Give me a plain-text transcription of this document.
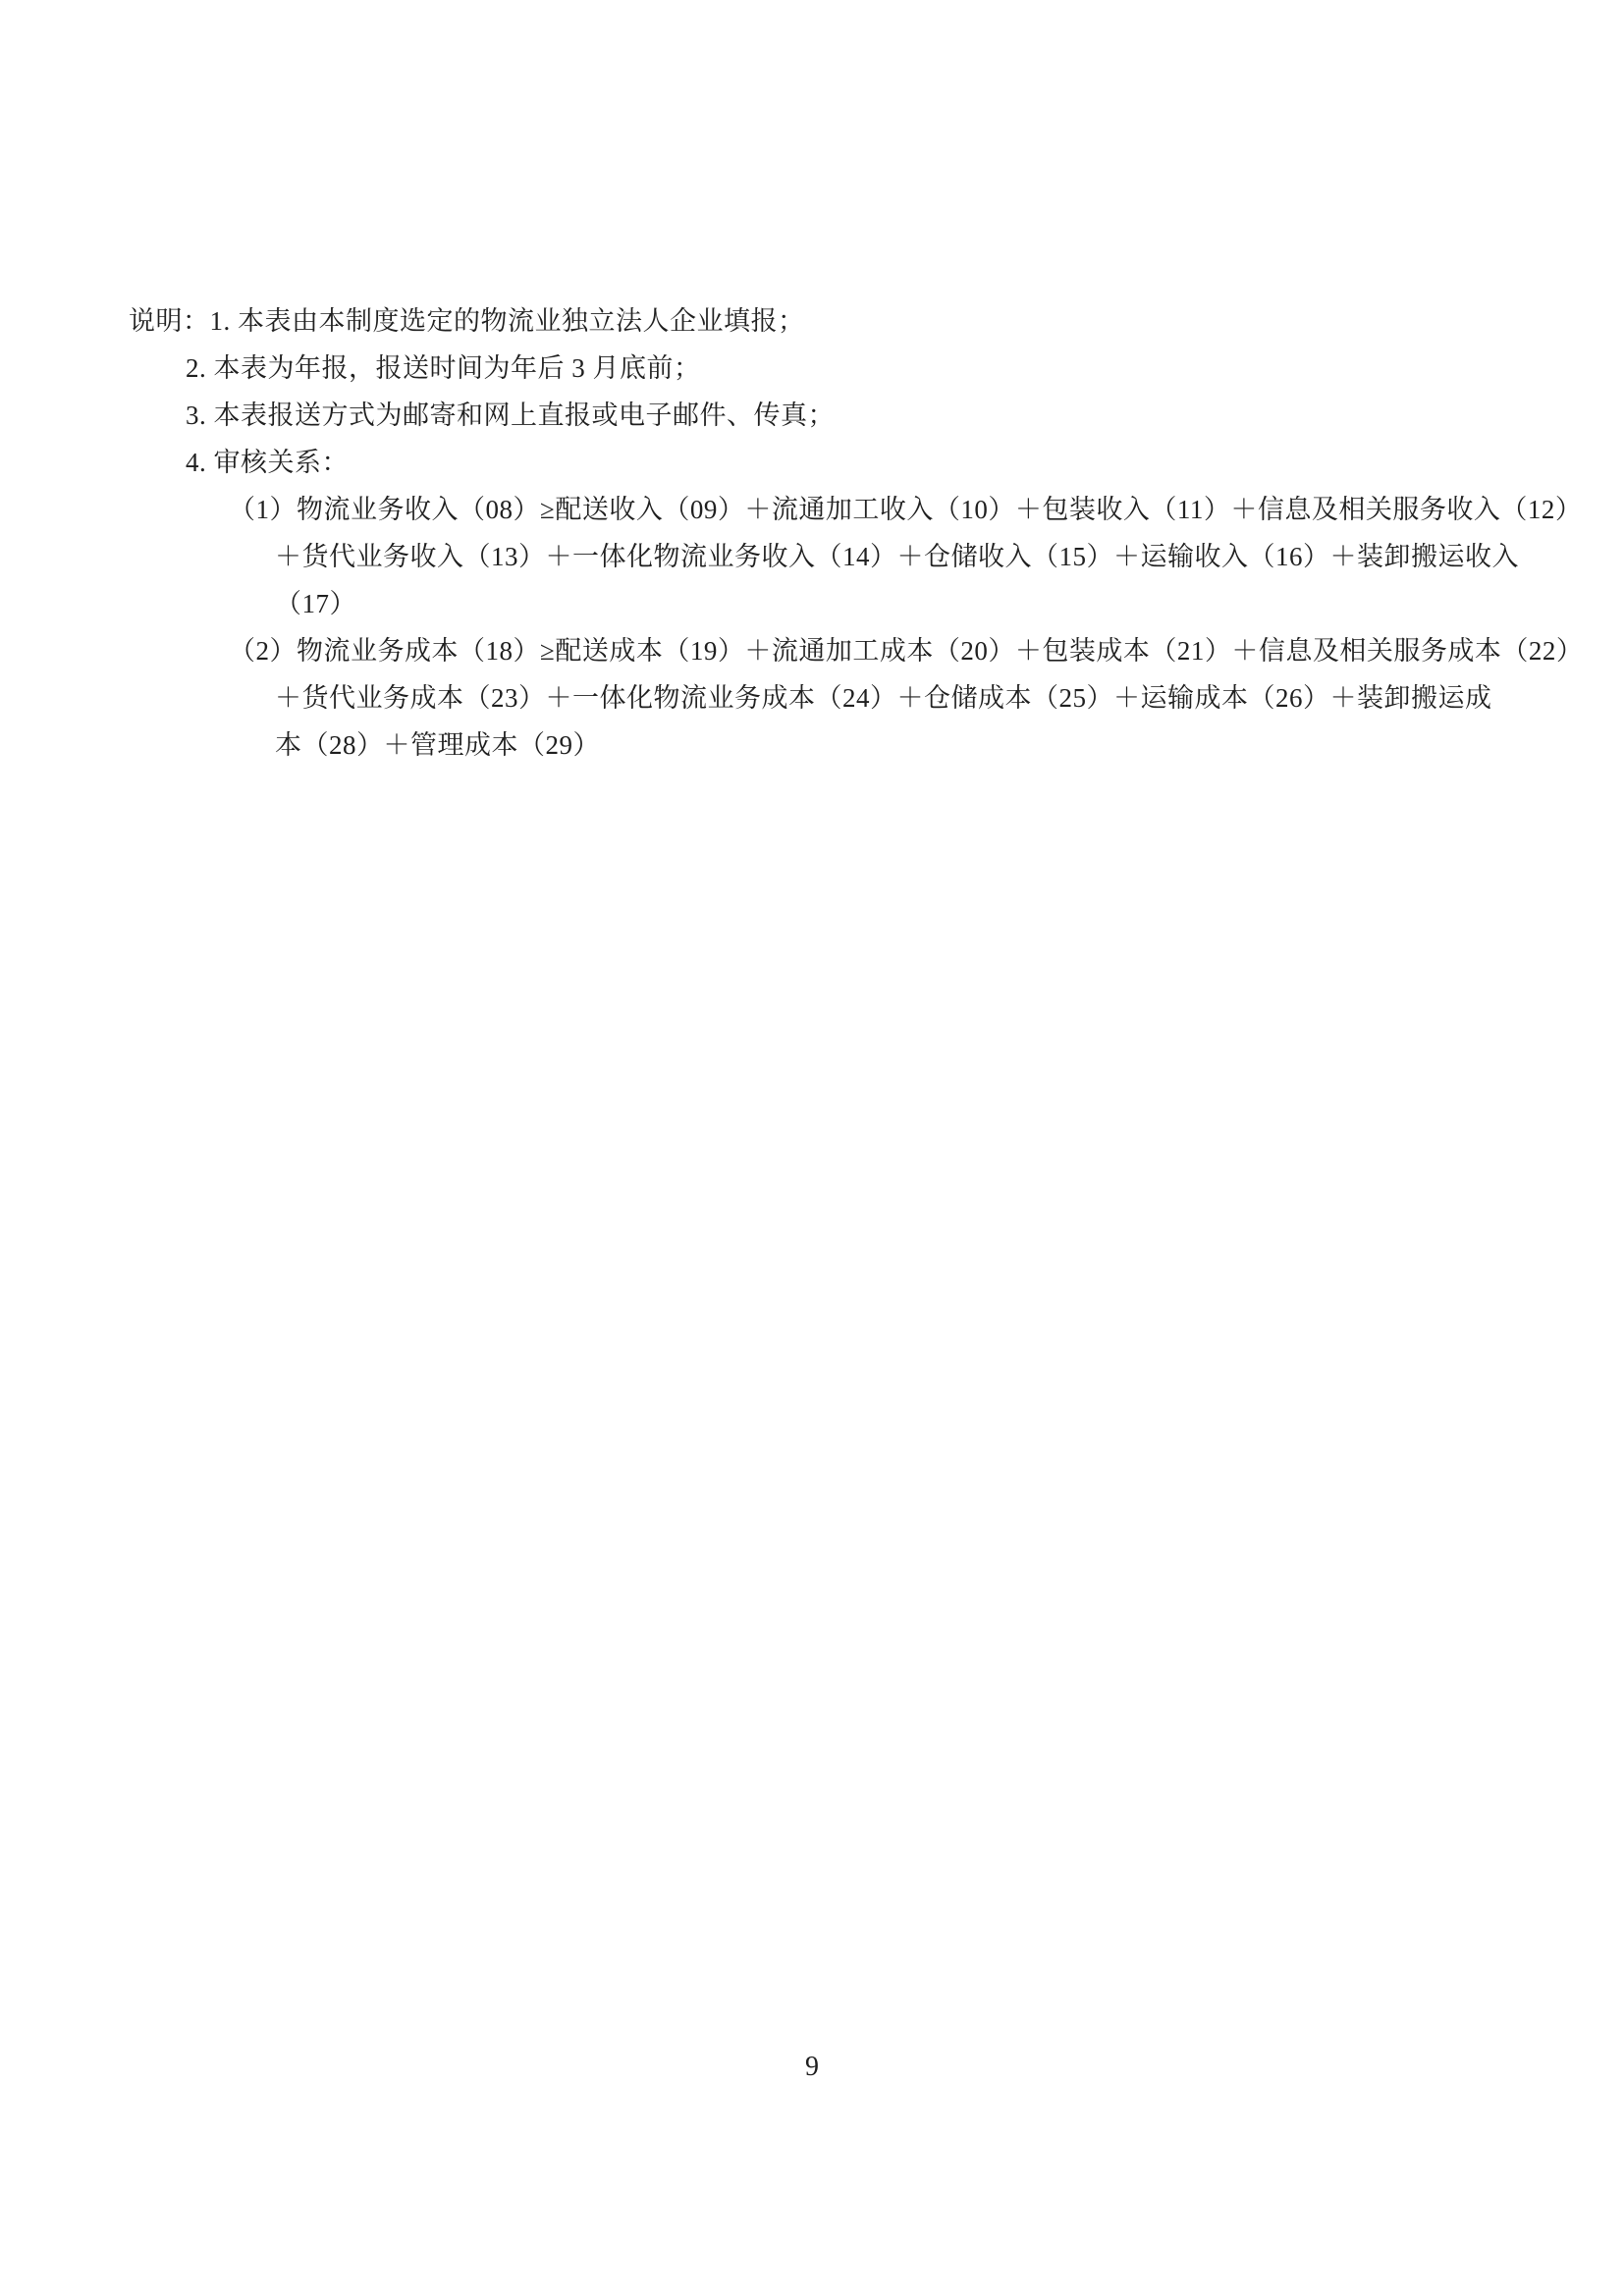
说明：1. 本表由本制度选定的物流业独立法人企业填报；
2. 本表为年报，报送时间为年后 3 月底前；
3. 本表报送方式为邮寄和网上直报或电子邮件、传真；
4. 审核关系：
（1）物流业务收入（08）≥配送收入（09）＋流通加工收入（10）＋包装收入（11）＋信息及相关服务收入（12）
＋货代业务收入（13）＋一体化物流业务收入（14）＋仓储收入（15）＋运输收入（16）＋装卸搬运收入
（17）
（2）物流业务成本（18）≥配送成本（19）＋流通加工成本（20）＋包装成本（21）＋信息及相关服务成本（22）
＋货代业务成本（23）＋一体化物流业务成本（24）＋仓储成本（25）＋运输成本（26）＋装卸搬运成
本（28）＋管理成本（29）
9
